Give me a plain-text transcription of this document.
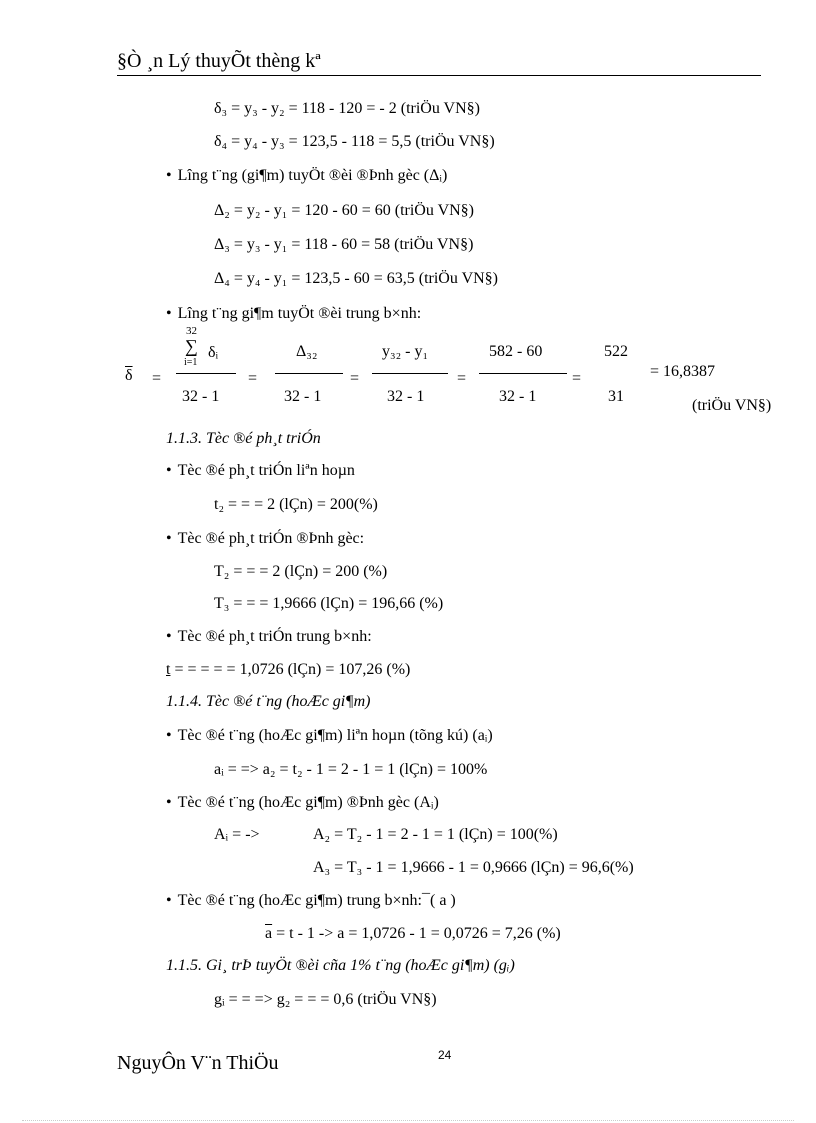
§Ò ¸n Lý thuyÕt thèng kª
δ₃ = y₃ - y₂ = 118 - 120 = - 2 (triÖu VN§)
δ₄ = y₄ - y₃ = 123,5 - 118 = 5,5 (triÖu VN§)
• Lîng t¨ng (gi¶m) tuyÖt ®èi ®Þnh gèc (Δᵢ)
Δ₂ = y₂ - y₁ = 120 - 60 = 60 (triÖu VN§)
Δ₃ = y₃ - y₁ = 118 - 60 = 58 (triÖu VN§)
Δ₄ = y₄ - y₁ = 123,5 - 60 = 63,5 (triÖu VN§)
• Lîng t¨ng gi¶m tuyÖt ®èi trung b×nh:
$\overline{\delta}$ =
32
∑
i=1
δᵢ
32 - 1
=
Δ₃₂
32 - 1
=
y₃₂ - y₁
32 - 1
=
582 - 60
32 - 1
=
522
31
= 16,8387
(triÖu VN§)
1.1.3. Tèc ®é ph¸t triÓn
• Tèc ®é ph¸t triÓn liªn hoµn
t₂ = = = 2 (lÇn) = 200(%)
• Tèc ®é ph¸t triÓn ®Þnh gèc:
T₂ = = = 2 (lÇn) = 200 (%)
T₃ = = = 1,9666 (lÇn) = 196,66 (%)
• Tèc ®é ph¸t triÓn trung b×nh:
t = = = = = 1,0726 (lÇn) = 107,26 (%)
1.1.4. Tèc ®é t¨ng (hoÆc gi¶m)
• Tèc ®é t¨ng (hoÆc gi¶m) liªn hoµn (tõng kú) (aᵢ)
aᵢ = => a₂ = t₂ - 1 = 2 - 1 = 1 (lÇn) = 100%
• Tèc ®é t¨ng (hoÆc gi¶m) ®Þnh gèc (Aᵢ)
Aᵢ = ->	A₂ = T₂ - 1 = 2 - 1 = 1 (lÇn) = 100(%)
A₃ = T₃ - 1 = 1,9666 - 1 = 0,9666 (lÇn) = 96,6(%)
• Tèc ®é t¨ng (hoÆc gi¶m) trung b×nh:¯( a )
$\overline{a} = t - 1 -> a = 1,0726 - 1 = 0,0726 = 7,26$ (%)
1.1.5. Gi¸ trÞ tuyÖt ®èi cña 1% t¨ng (hoÆc gi¶m) (gᵢ)
gᵢ = = => g₂ = = = 0,6 (triÖu VN§)
NguyÔn V¨n ThiÖu	24
